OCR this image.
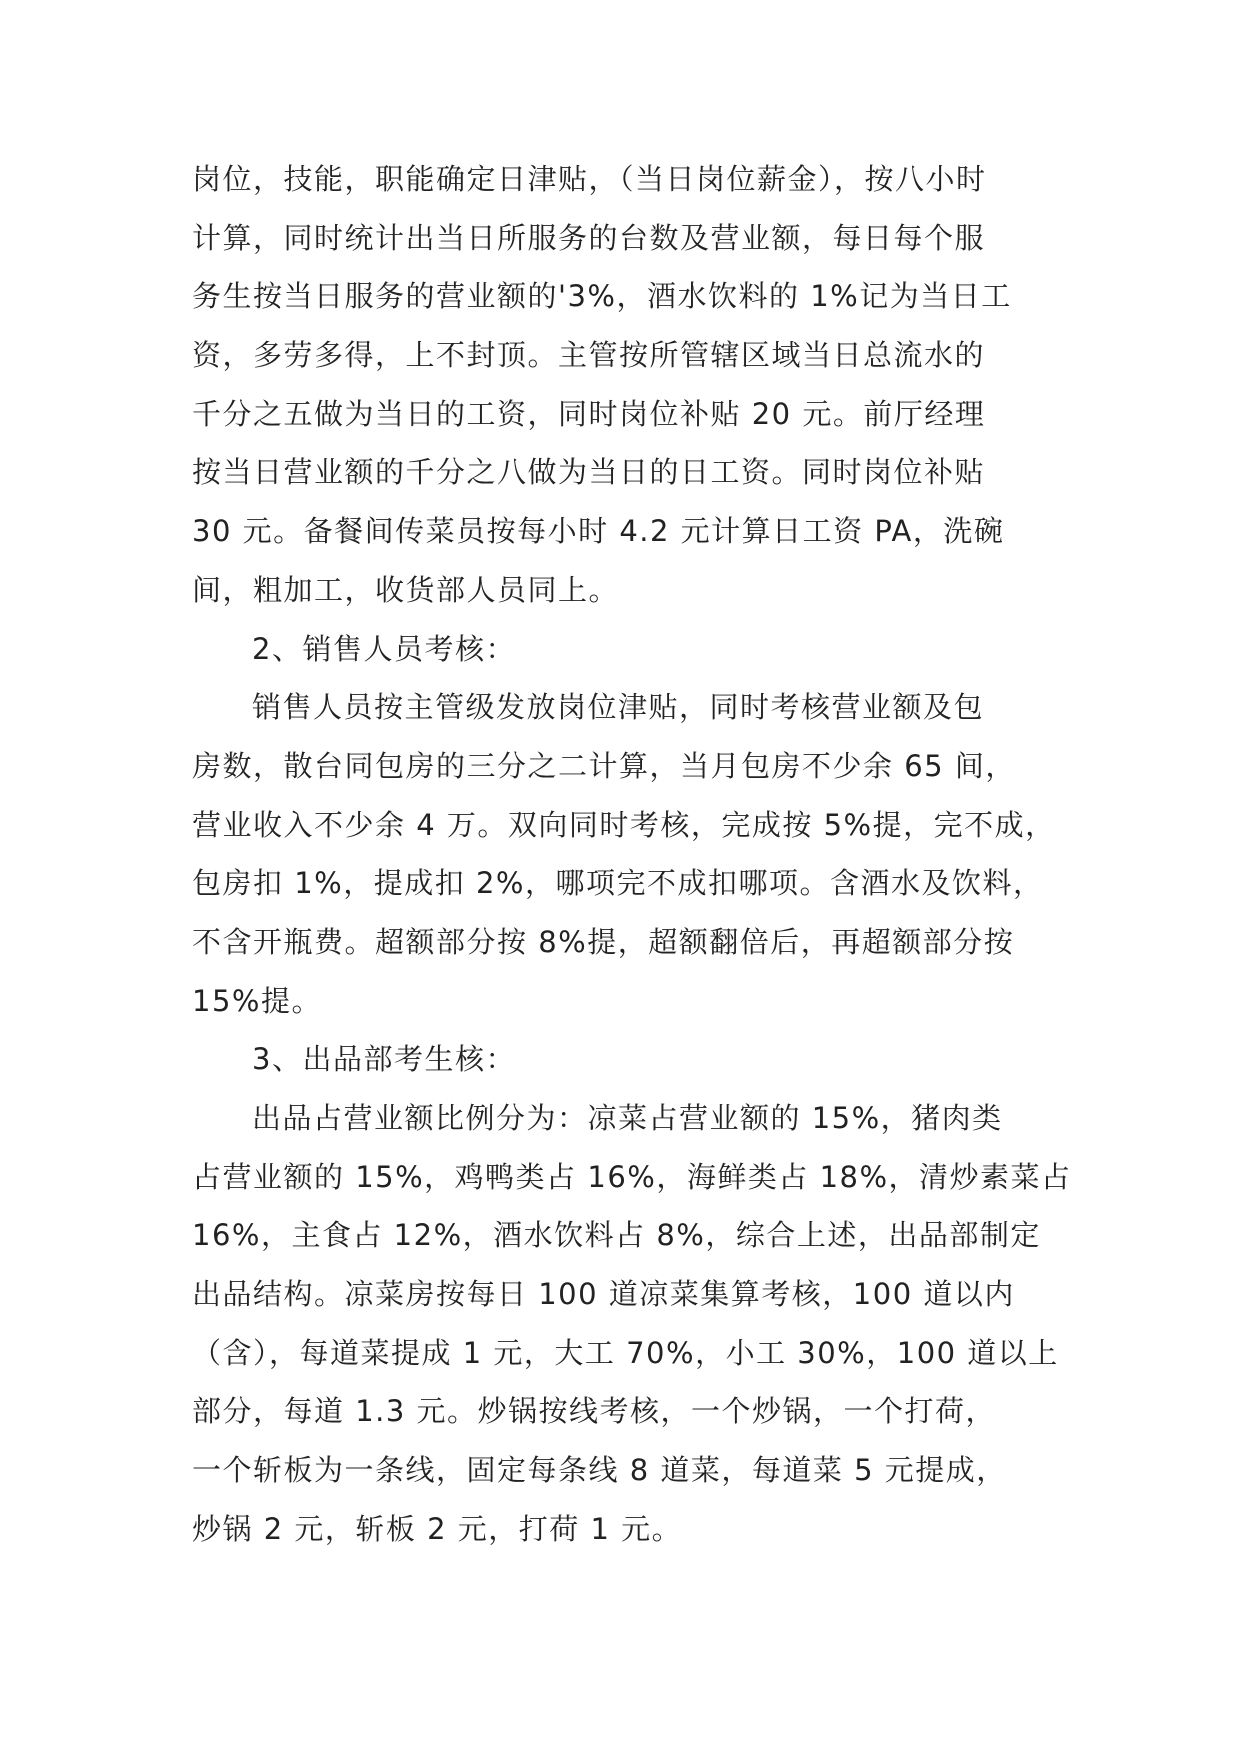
岗位，技能，职能确定日津贴，（当日岗位薪金），按八小时
计算，同时统计出当日所服务的台数及营业额，每日每个服
务生按当日服务的营业额的'3%，酒水饮料的 1%记为当日工
资，多劳多得，上不封顶。主管按所管辖区域当日总流水的
千分之五做为当日的工资，同时岗位补贴 20 元。前厅经理
按当日营业额的千分之八做为当日的日工资。同时岗位补贴
30 元。备餐间传菜员按每小时 4.2 元计算日工资 PA，洗碗
间，粗加工，收货部人员同上。
2、销售人员考核：
销售人员按主管级发放岗位津贴，同时考核营业额及包
房数，散台同包房的三分之二计算，当月包房不少余 65 间，
营业收入不少余 4 万。双向同时考核，完成按 5%提，完不成，
包房扣 1%，提成扣 2%，哪项完不成扣哪项。含酒水及饮料，
不含开瓶费。超额部分按 8%提，超额翻倍后，再超额部分按
15%提。
3、出品部考生核：
出品占营业额比例分为：凉菜占营业额的 15%，猪肉类
占营业额的 15%，鸡鸭类占 16%，海鲜类占 18%，清炒素菜占
16%，主食占 12%，酒水饮料占 8%，综合上述，出品部制定
出品结构。凉菜房按每日 100 道凉菜集算考核，100 道以内
（含），每道菜提成 1 元，大工 70%，小工 30%，100 道以上
部分，每道 1.3 元。炒锅按线考核，一个炒锅，一个打荷，
一个斩板为一条线，固定每条线 8 道菜，每道菜 5 元提成，
炒锅 2 元，斩板 2 元，打荷 1 元。
